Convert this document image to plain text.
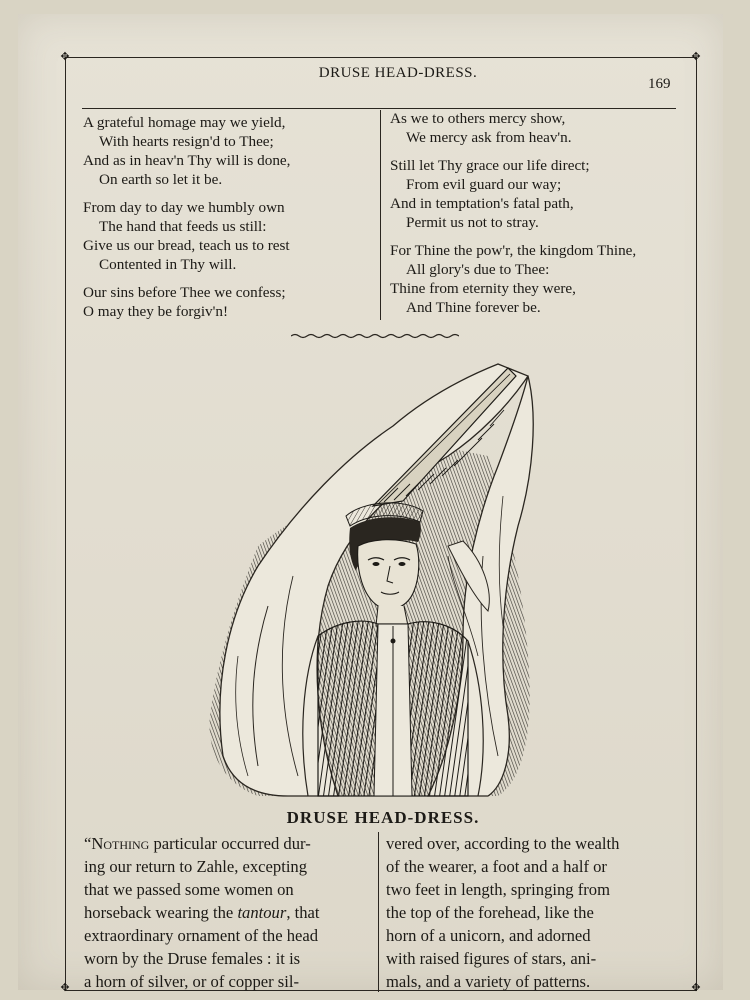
✥	✥
✥	✥
DRUSE HEAD-DRESS.
169
A grateful homage may we yield,
With hearts resign'd to Thee;
And as in heav'n Thy will is done,
On earth so let it be.
From day to day we humbly own
The hand that feeds us still:
Give us our bread, teach us to rest
Contented in Thy will.
Our sins before Thee we confess;
O may they be forgiv'n!
As we to others mercy show,
We mercy ask from heav'n.
Still let Thy grace our life direct;
From evil guard our way;
And in temptation's fatal path,
Permit us not to stray.
For Thine the pow'r, the kingdom Thine,
All glory's due to Thee:
Thine from eternity they were,
And Thine forever be.
DRUSE HEAD-DRESS.
“Nothing particular occurred dur-
ing our return to Zahle, excepting
that we passed some women on
horseback wearing the tantour, that
extraordinary ornament of the head
worn by the Druse females : it is
a horn of silver, or of copper sil-
vered over, according to the wealth
of the wearer, a foot and a half or
two feet in length, springing from
the top of the forehead, like the
horn of a unicorn, and adorned
with raised figures of stars, ani-
mals, and a variety of patterns.
